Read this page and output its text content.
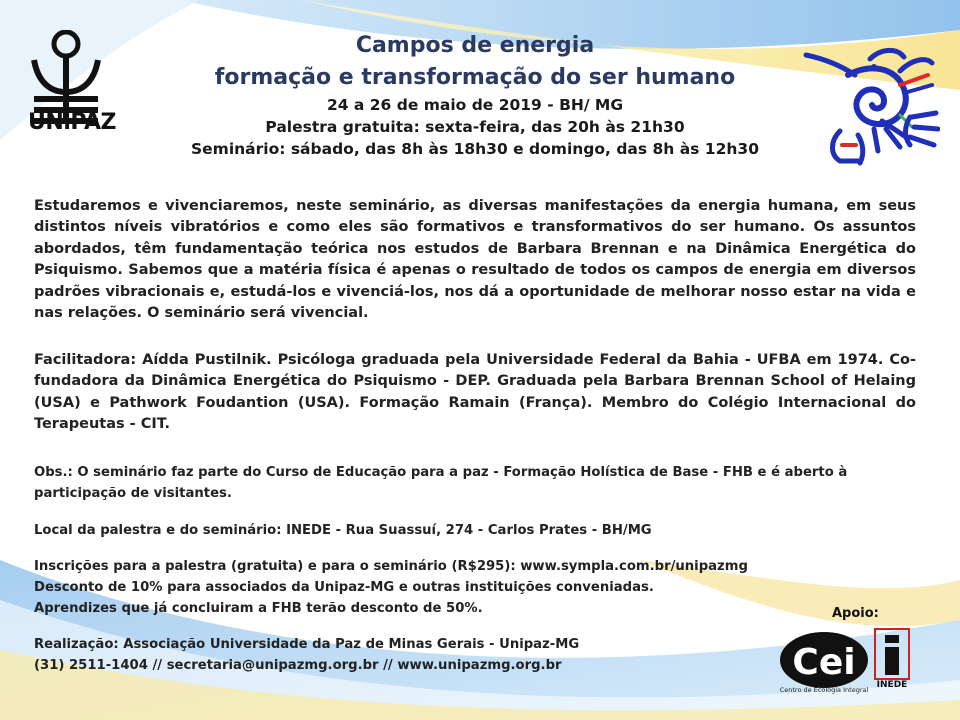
UNiPAZ
Campos de energia
formação e transformação do ser humano
24 a 26 de maio de 2019 - BH/ MG
Palestra gratuita: sexta-feira, das 20h às 21h30
Seminário: sábado, das 8h às 18h30 e domingo, das 8h às 12h30

Estudaremos e vivenciaremos, neste seminário, as diversas manifestações da energia humana, em seus distintos níveis vibratórios e como eles são formativos e transformativos do ser humano. Os assuntos abordados, têm fundamentação teórica nos estudos de Barbara Brennan e na Dinâmica Energética do Psiquismo. Sabemos que a matéria física é apenas o resultado de todos os campos de energia em diversos padrões vibracionais e, estudá-los e vivenciá-los, nos dá a oportunidade de melhorar nosso estar na vida e nas relações. O seminário será vivencial.

Facilitadora: Aídda Pustilnik. Psicóloga graduada pela Universidade Federal da Bahia - UFBA em 1974. Co-fundadora da Dinâmica Energética do Psiquismo - DEP. Graduada pela Barbara Brennan School of Helaing (USA) e Pathwork Foudantion (USA). Formação Ramain (França). Membro do Colégio Internacional do Terapeutas - CIT.

Obs.: O seminário faz parte do Curso de Educação para a paz - Formação Holística de Base - FHB e é aberto à
participação de visitantes.
Local da palestra e do seminário: INEDE - Rua Suassuí, 274 - Carlos Prates - BH/MG
Inscrições para a palestra (gratuita) e para o seminário (R$295): www.sympla.com.br/unipazmg
Desconto de 10% para associados da Unipaz-MG e outras instituições conveniadas.
Aprendizes que já concluiram a FHB terão desconto de 50%.
Realização: Associação Universidade da Paz de Minas Gerais - Unipaz-MG
(31) 2511-1404 // secretaria@unipazmg.org.br // www.unipazmg.org.br
Apoio:
Cei
Centro de Ecologia Integral INEDE
